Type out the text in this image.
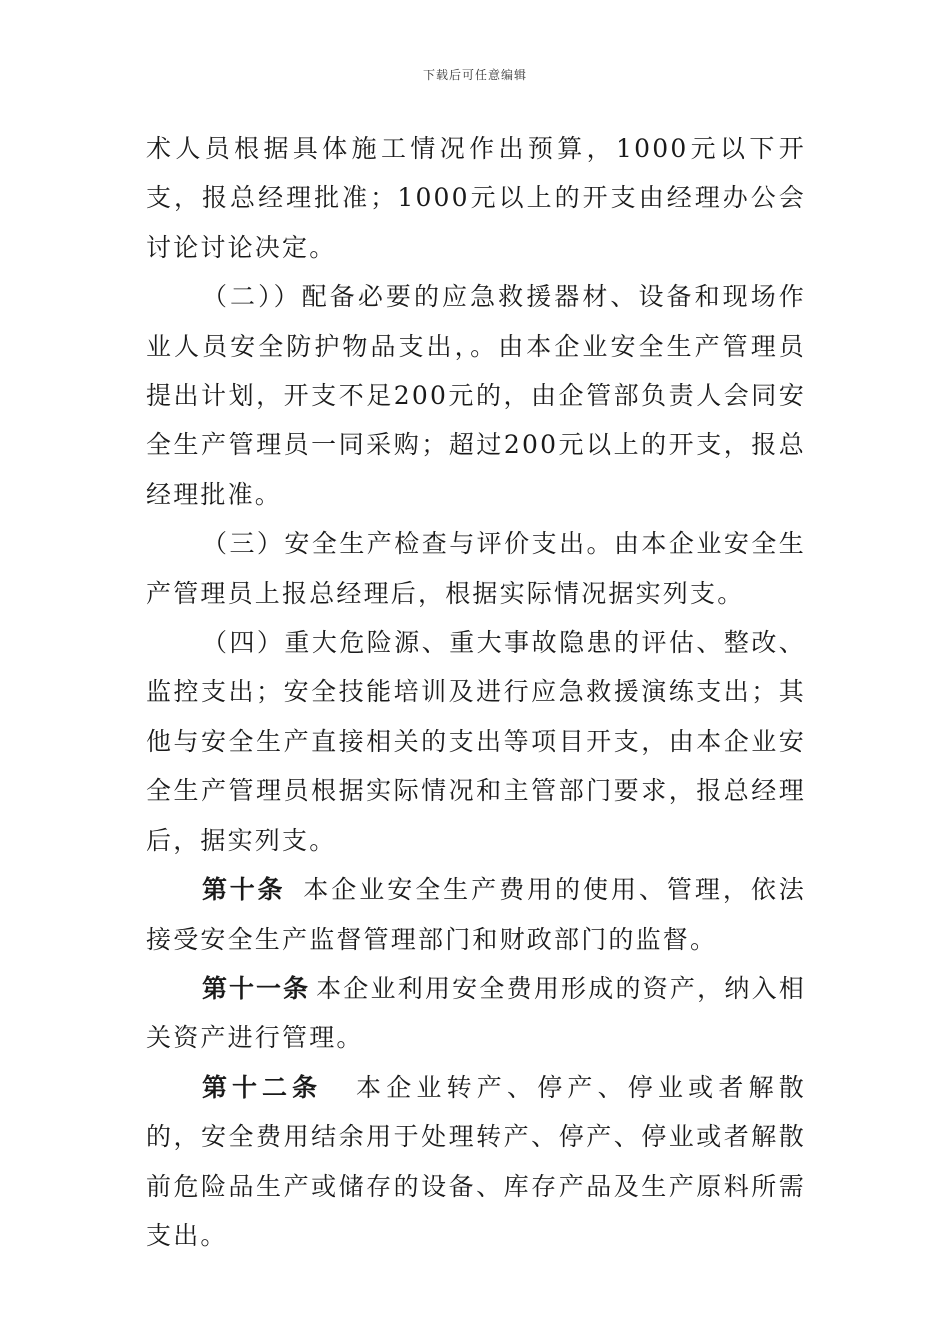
下载后可任意编辑

术人员根据具体施工情况作出预算，1000元以下开支，报总经理批准；1000元以上的开支由经理办公会讨论讨论决定。

（二））配备必要的应急救援器材、设备和现场作业人员安全防护物品支出，。由本企业安全生产管理员提出计划，开支不足200元的，由企管部负责人会同安全生产管理员一同采购；超过200元以上的开支，报总经理批准。

（三）安全生产检查与评价支出。由本企业安全生产管理员上报总经理后，根据实际情况据实列支。

（四）重大危险源、重大事故隐患的评估、整改、监控支出；安全技能培训及进行应急救援演练支出；其他与安全生产直接相关的支出等项目开支，由本企业安全生产管理员根据实际情况和主管部门要求，报总经理后，据实列支。

第十条 本企业安全生产费用的使用、管理，依法接受安全生产监督管理部门和财政部门的监督。

第十一条 本企业利用安全费用形成的资产，纳入相关资产进行管理。

第十二条 本企业转产、停产、停业或者解散的，安全费用结余用于处理转产、停产、停业或者解散前危险品生产或储存的设备、库存产品及生产原料所需支出。
